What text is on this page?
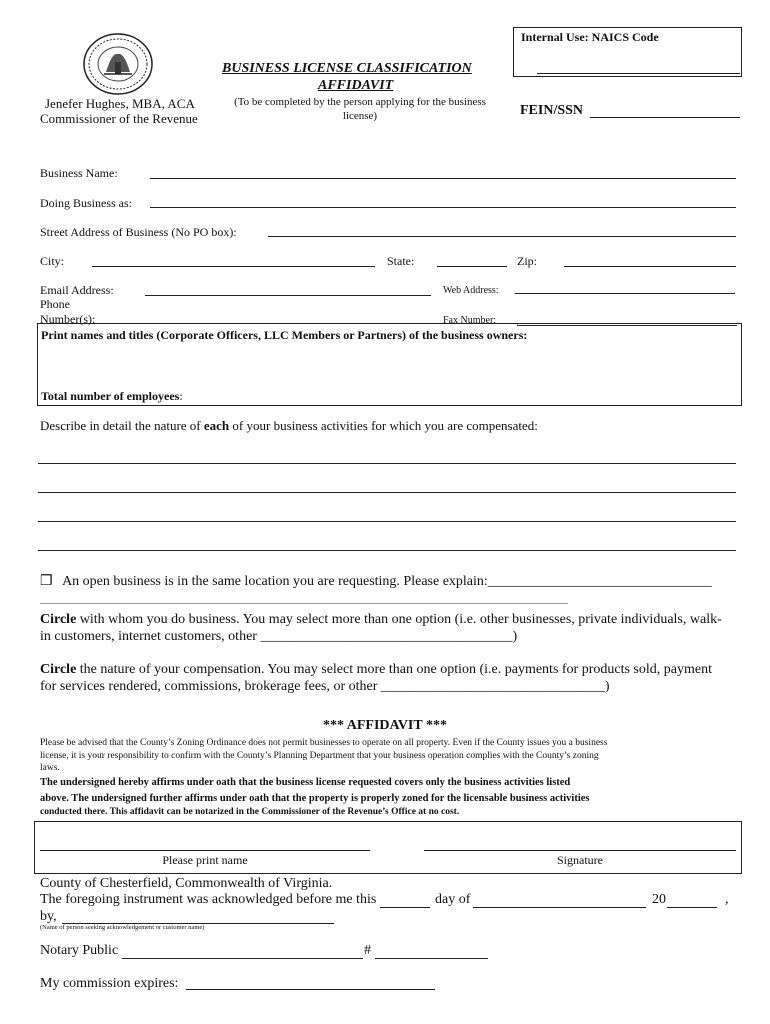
Internal Use: NAICS Code
BUSINESS LICENSE CLASSIFICATION
AFFIDAVIT
(To be completed by the person applying for the business license)
Jenefer Hughes, MBA, ACA
Commissioner of the Revenue
FEIN/SSN
Business Name:
Doing Business as:
Street Address of Business (No PO box):
City:	State:	Zip:
Email Address:	Web Address:
Phone
Number(s):	Fax Number:
Print names and titles (Corporate Officers, LLC Members or Partners) of the business owners:
Total number of employees:
Describe in detail the nature of each of your business activities for which you are compensated:
❒ An open business is in the same location you are requesting. Please explain:________________________________
________________________________________________________________________________________________
Circle with whom you do business. You may select more than one option (i.e. other businesses, private individuals, walk-
in customers, internet customers, other ____________________________________)
Circle the nature of your compensation. You may select more than one option (i.e. payments for products sold, payment
for services rendered, commissions, brokerage fees, or other ________________________________)
*** AFFIDAVIT ***
Please be advised that the County’s Zoning Ordinance does not permit businesses to operate on all property. Even if the County issues you a business
license, it is your responsibility to confirm with the County’s Planning Department that your business operation complies with the County’s zoning
laws.
The undersigned hereby affirms under oath that the business license requested covers only the business activities listed
above. The undersigned further affirms under oath that the property is properly zoned for the licensable business activities
conducted there. This affidavit can be notarized in the Commissioner of the Revenue’s Office at no cost.
Please print name	Signature
County of Chesterfield, Commonwealth of Virginia.
The foregoing instrument was acknowledged before me this	day of	20	,
by,
(Name of person seeking acknowledgement or customer name)
Notary Public	#
My commission expires:
